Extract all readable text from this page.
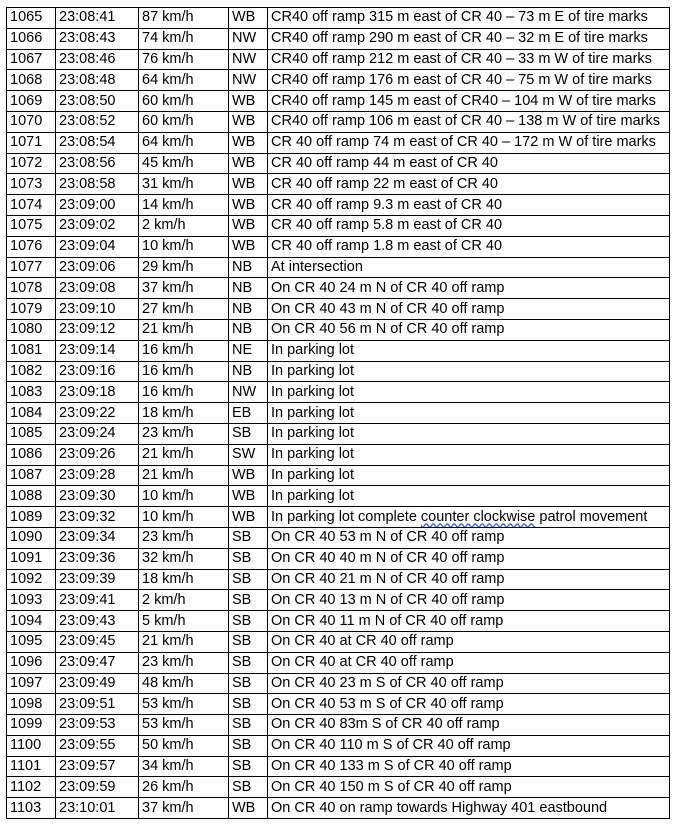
1065	23:08:41	87 km/h	WB	CR40 off ramp 315 m east of CR 40 – 73 m E of tire marks
1066	23:08:43	74 km/h	NW	CR40 off ramp 290 m east of CR 40 – 32 m E of tire marks
1067	23:08:46	76 km/h	NW	CR40 off ramp 212 m east of CR 40 – 33 m W of tire marks
1068	23:08:48	64 km/h	NW	CR40 off ramp 176 m east of CR 40 – 75 m W of tire marks
1069	23:08:50	60 km/h	WB	CR40 off ramp 145 m east of CR40 – 104 m W of tire marks
1070	23:08:52	60 km/h	WB	CR40 off ramp 106 m east of CR 40 – 138 m W of tire marks
1071	23:08:54	64 km/h	WB	CR 40 off ramp 74 m east of CR 40 – 172 m W of tire marks
1072	23:08:56	45 km/h	WB	CR 40 off ramp 44 m east of CR 40
1073	23:08:58	31 km/h	WB	CR 40 off ramp 22 m east of CR 40
1074	23:09:00	14 km/h	WB	CR 40 off ramp 9.3 m east of CR 40
1075	23:09:02	2 km/h	WB	CR 40 off ramp 5.8 m east of CR 40
1076	23:09:04	10 km/h	WB	CR 40 off ramp 1.8 m east of CR 40
1077	23:09:06	29 km/h	NB	At intersection
1078	23:09:08	37 km/h	NB	On CR 40 24 m N of CR 40 off ramp
1079	23:09:10	27 km/h	NB	On CR 40 43 m N of CR 40 off ramp
1080	23:09:12	21 km/h	NB	On CR 40 56 m N of CR 40 off ramp
1081	23:09:14	16 km/h	NE	In parking lot
1082	23:09:16	16 km/h	NB	In parking lot
1083	23:09:18	16 km/h	NW	In parking lot
1084	23:09:22	18 km/h	EB	In parking lot
1085	23:09:24	23 km/h	SB	In parking lot
1086	23:09:26	21 km/h	SW	In parking lot
1087	23:09:28	21 km/h	WB	In parking lot
1088	23:09:30	10 km/h	WB	In parking lot
1089	23:09:32	10 km/h	WB	In parking lot complete counter clockwise patrol movement
1090	23:09:34	23 km/h	SB	On CR 40 53 m N of CR 40 off ramp
1091	23:09:36	32 km/h	SB	On CR 40 40 m N of CR 40 off ramp
1092	23:09:39	18 km/h	SB	On CR 40 21 m N of CR 40 off ramp
1093	23:09:41	2 km/h	SB	On CR 40 13 m N of CR 40 off ramp
1094	23:09:43	5 km/h	SB	On CR 40 11 m N of CR 40 off ramp
1095	23:09:45	21 km/h	SB	On CR 40 at CR 40 off ramp
1096	23:09:47	23 km/h	SB	On CR 40 at CR 40 off ramp
1097	23:09:49	48 km/h	SB	On CR 40 23 m S of CR 40 off ramp
1098	23:09:51	53 km/h	SB	On CR 40 53 m S of CR 40 off ramp
1099	23:09:53	53 km/h	SB	On CR 40 83m S of CR 40 off ramp
1100	23:09:55	50 km/h	SB	On CR 40 110 m S of CR 40 off ramp
1101	23:09:57	34 km/h	SB	On CR 40 133 m S of CR 40 off ramp
1102	23:09:59	26 km/h	SB	On CR 40 150 m S of CR 40 off ramp
1103	23:10:01	37 km/h	WB	On CR 40 on ramp towards Highway 401 eastbound
